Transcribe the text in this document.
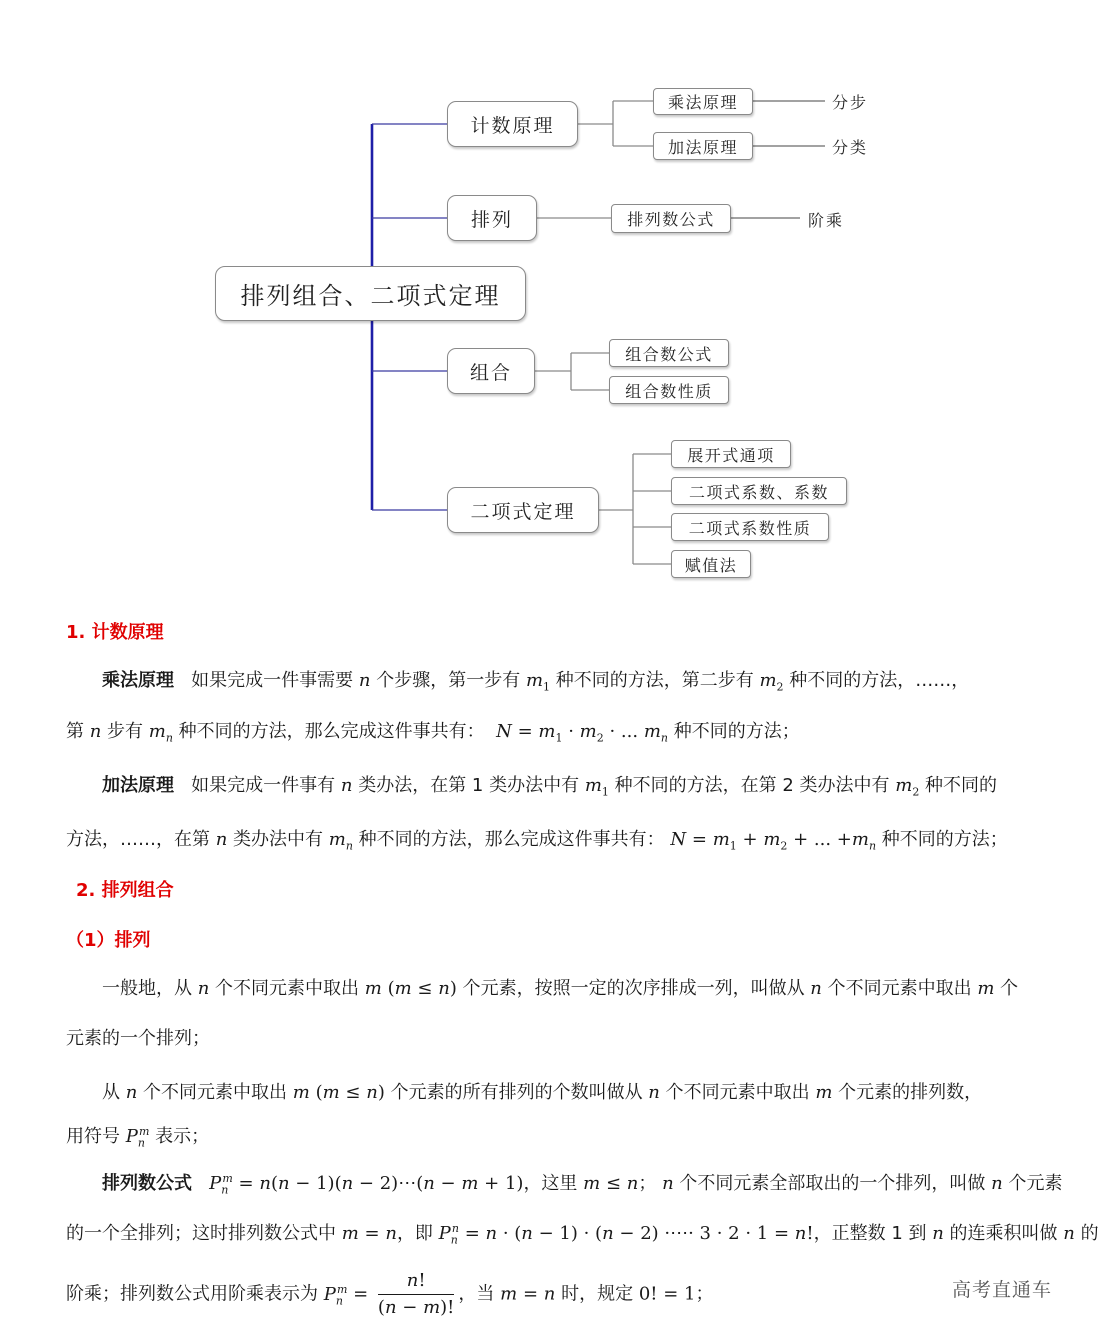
排列组合、二项式定理
计数原理
乘法原理
加法原理
分步
分类
排列	排列数公式	阶乘
组合
组合数公式
组合数性质
二项式定理
展开式通项
二项式系数、系数
二项式系数性质
赋值法
1. 计数原理
乘法原理   如果完成一件事需要 n 个步骤，第一步有 $m_1$ 种不同的方法，第二步有 $m_2$ 种不同的方法，……，
第 n 步有 $m_n$ 种不同的方法，那么完成这件事共有：  $N = m_1 \cdot m_2$ · ... $m_n$ 种不同的方法；
加法原理   如果完成一件事有 n 类办法，在第 1 类办法中有 $m_1$ 种不同的方法，在第 2 类办法中有 $m_2$ 种不同的
方法，……，在第 n 类办法中有 $m_n$ 种不同的方法，那么完成这件事共有： $N = m_1 + m_2$ + ... $+m_n$ 种不同的方法；
2. 排列组合
（1）排列
一般地，从 n 个不同元素中取出 m (m ≤ n) 个元素，按照一定的次序排成一列，叫做从 n 个不同元素中取出 m 个
元素的一个排列；
从 n 个不同元素中取出 m (m ≤ n) 个元素的所有排列的个数叫做从 n 个不同元素中取出 m 个元素的排列数，
用符号 $P_n^m$ 表示；
排列数公式 $P_n^m = n(n - 1)(n$ − 2)⋯(n − m + 1)，这里 m ≤ n； n 个不同元素全部取出的一个排列，叫做 n 个元素
的一个全排列；这时排列数公式中 m = n，即 $P_n^n = n \cdot (n - 1) \cdot (n - 2)$ ·⋯· 3 · 2 · 1 = n!，正整数 1 到 n 的连乘积叫做 n 的
阶乘；排列数公式用阶乘表示为 $P_n^m = \frac{n!}{(n - m)!}$ ，当 m = n 时，规定 0! = 1；	高考直通车
